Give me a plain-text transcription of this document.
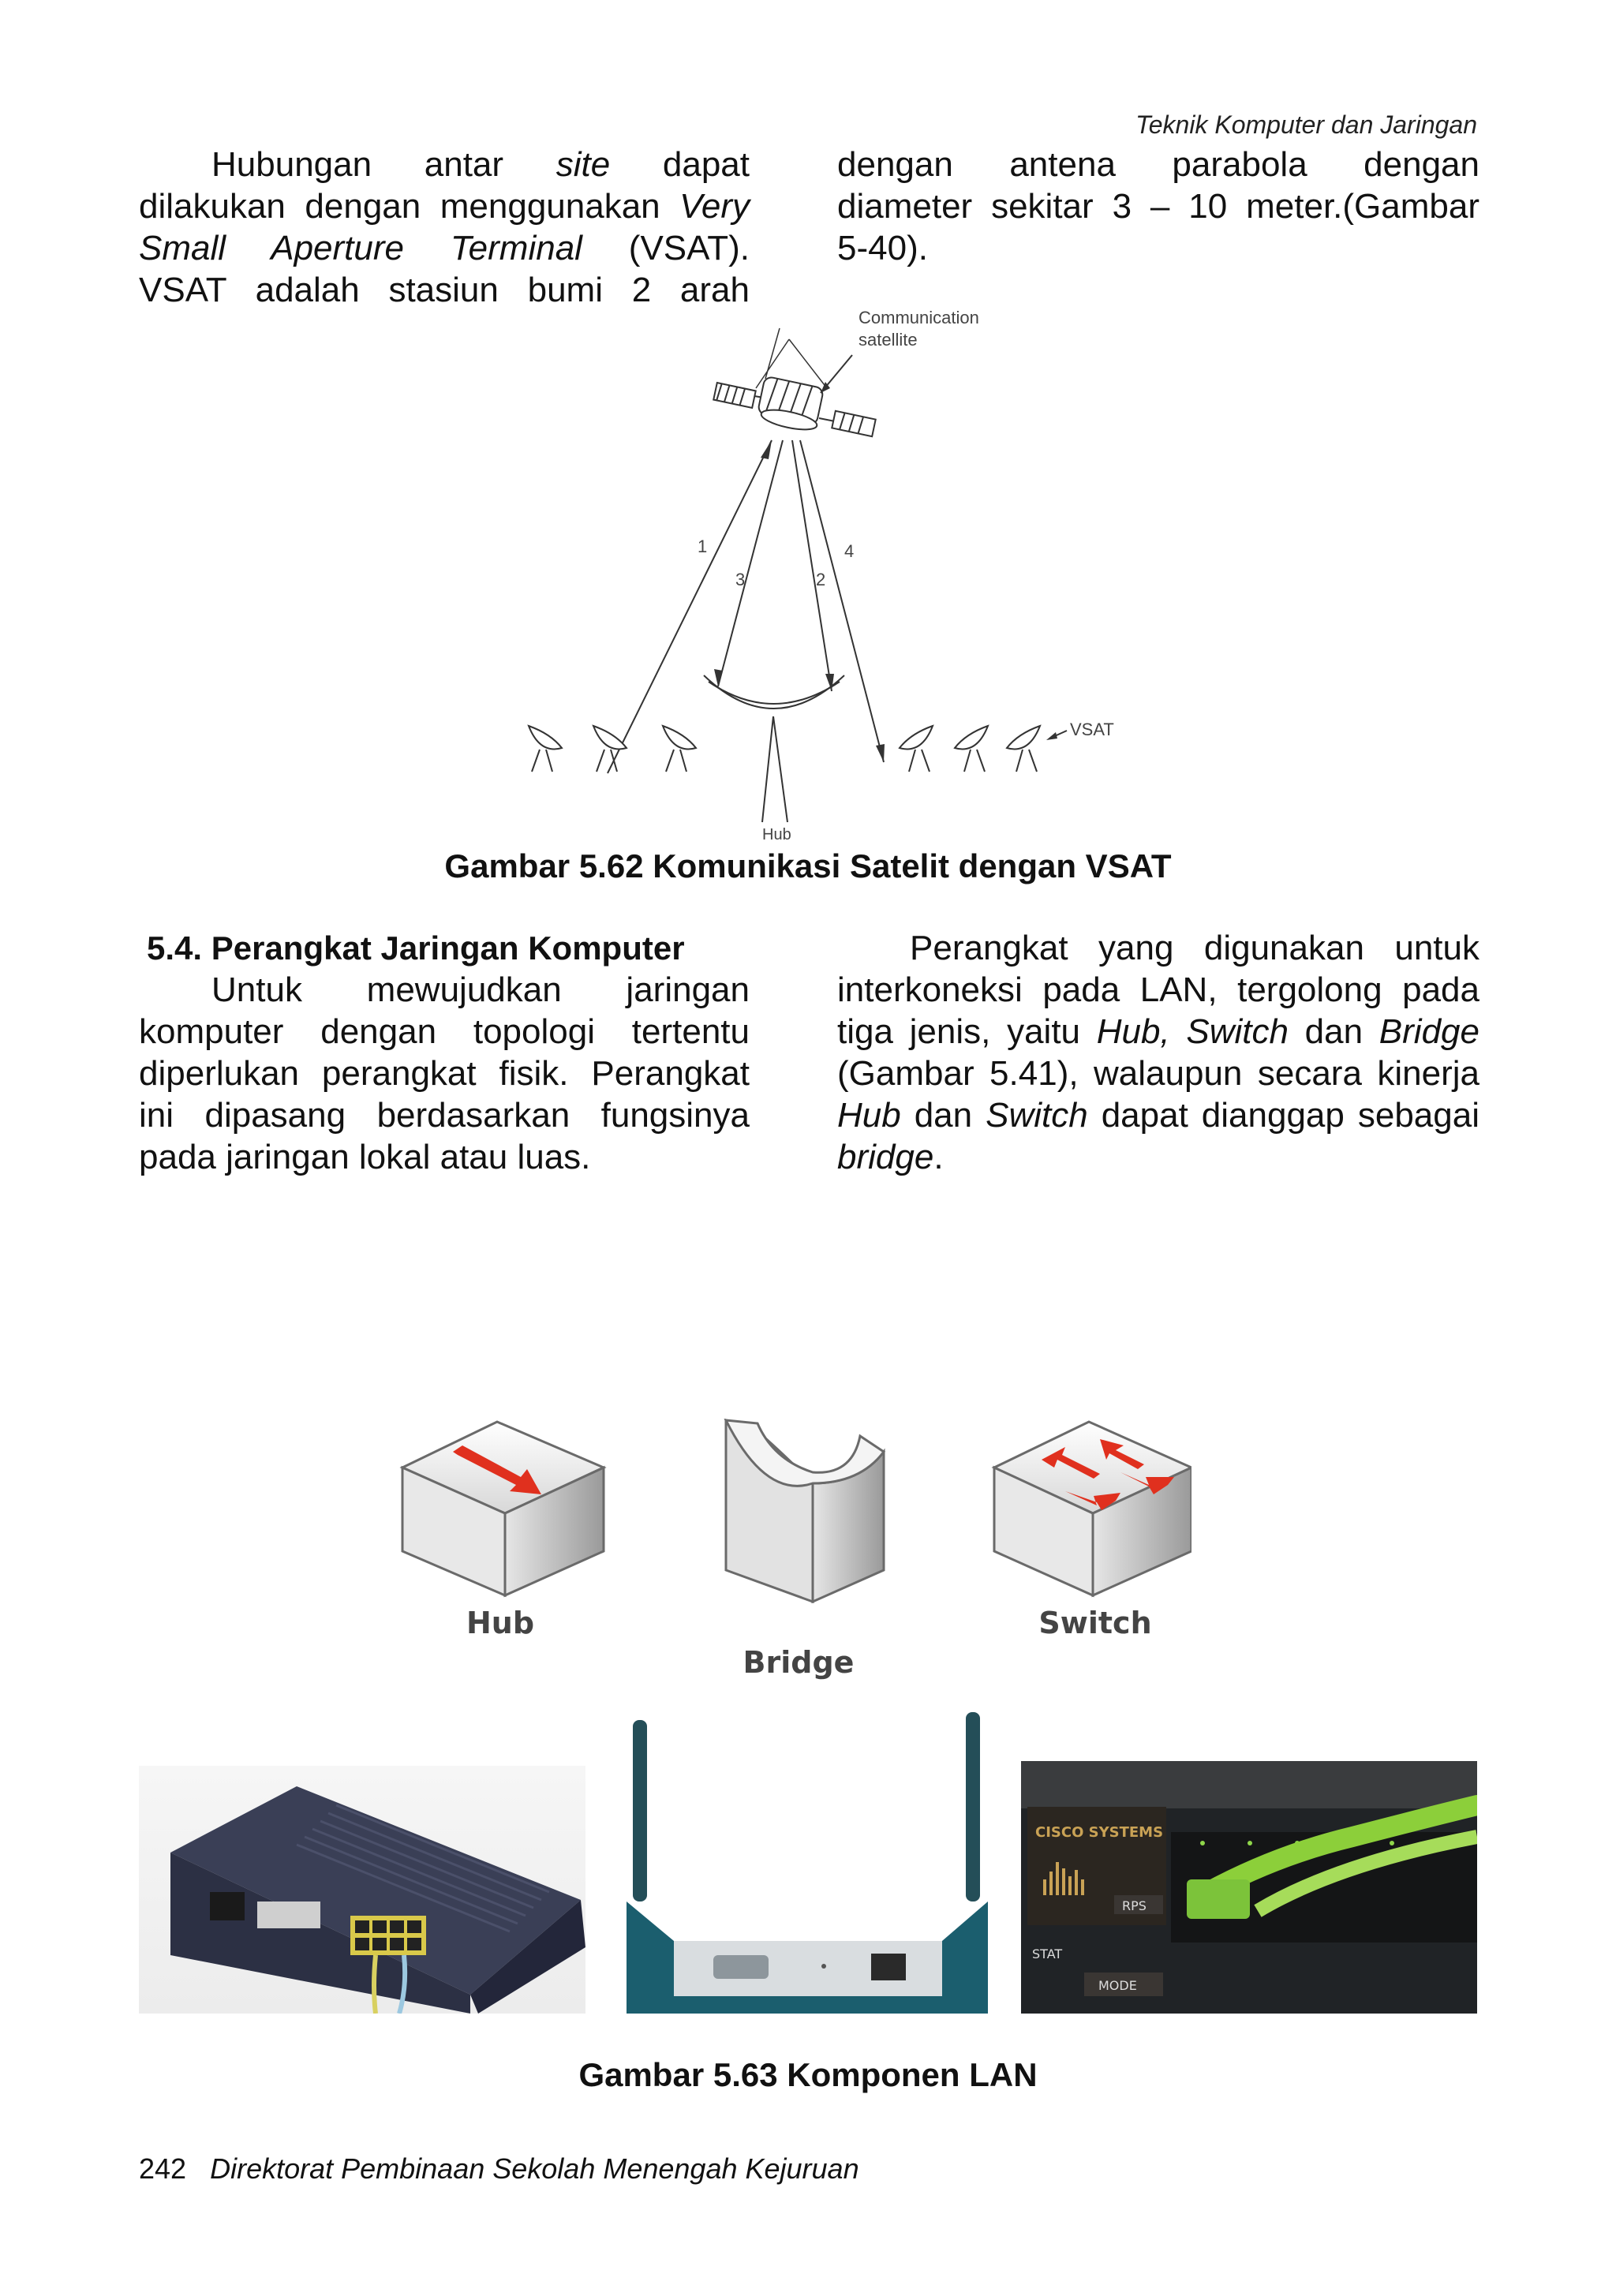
Teknik Komputer dan Jaringan

Hubungan antar site dapat

dilakukan dengan menggunakan Very

Small Aperture Terminal (VSAT).

VSAT adalah stasiun bumi 2 arah

dengan antena parabola dengan

diameter sekitar 3 – 10 meter.(Gambar

5-40).

Communication
satellite
1
3	2
4
Hub
VSAT
Gambar 5.62 Komunikasi Satelit dengan VSAT
5.4. Perangkat Jaringan Komputer

Untuk mewujudkan jaringan

komputer dengan topologi tertentu

diperlukan perangkat fisik. Perangkat

ini dipasang berdasarkan fungsinya

pada jaringan lokal atau luas.

Perangkat yang digunakan untuk

interkoneksi pada LAN, tergolong pada

tiga jenis, yaitu Hub, Switch dan Bridge

(Gambar 5.41), walaupun secara kinerja

Hub dan Switch dapat dianggap sebagai

bridge.

Hub
Bridge
Switch
CISCO SYSTEMS
RPS
STAT
MODE
Gambar 5.63 Komponen LAN
242 Direktorat Pembinaan Sekolah Menengah Kejuruan
